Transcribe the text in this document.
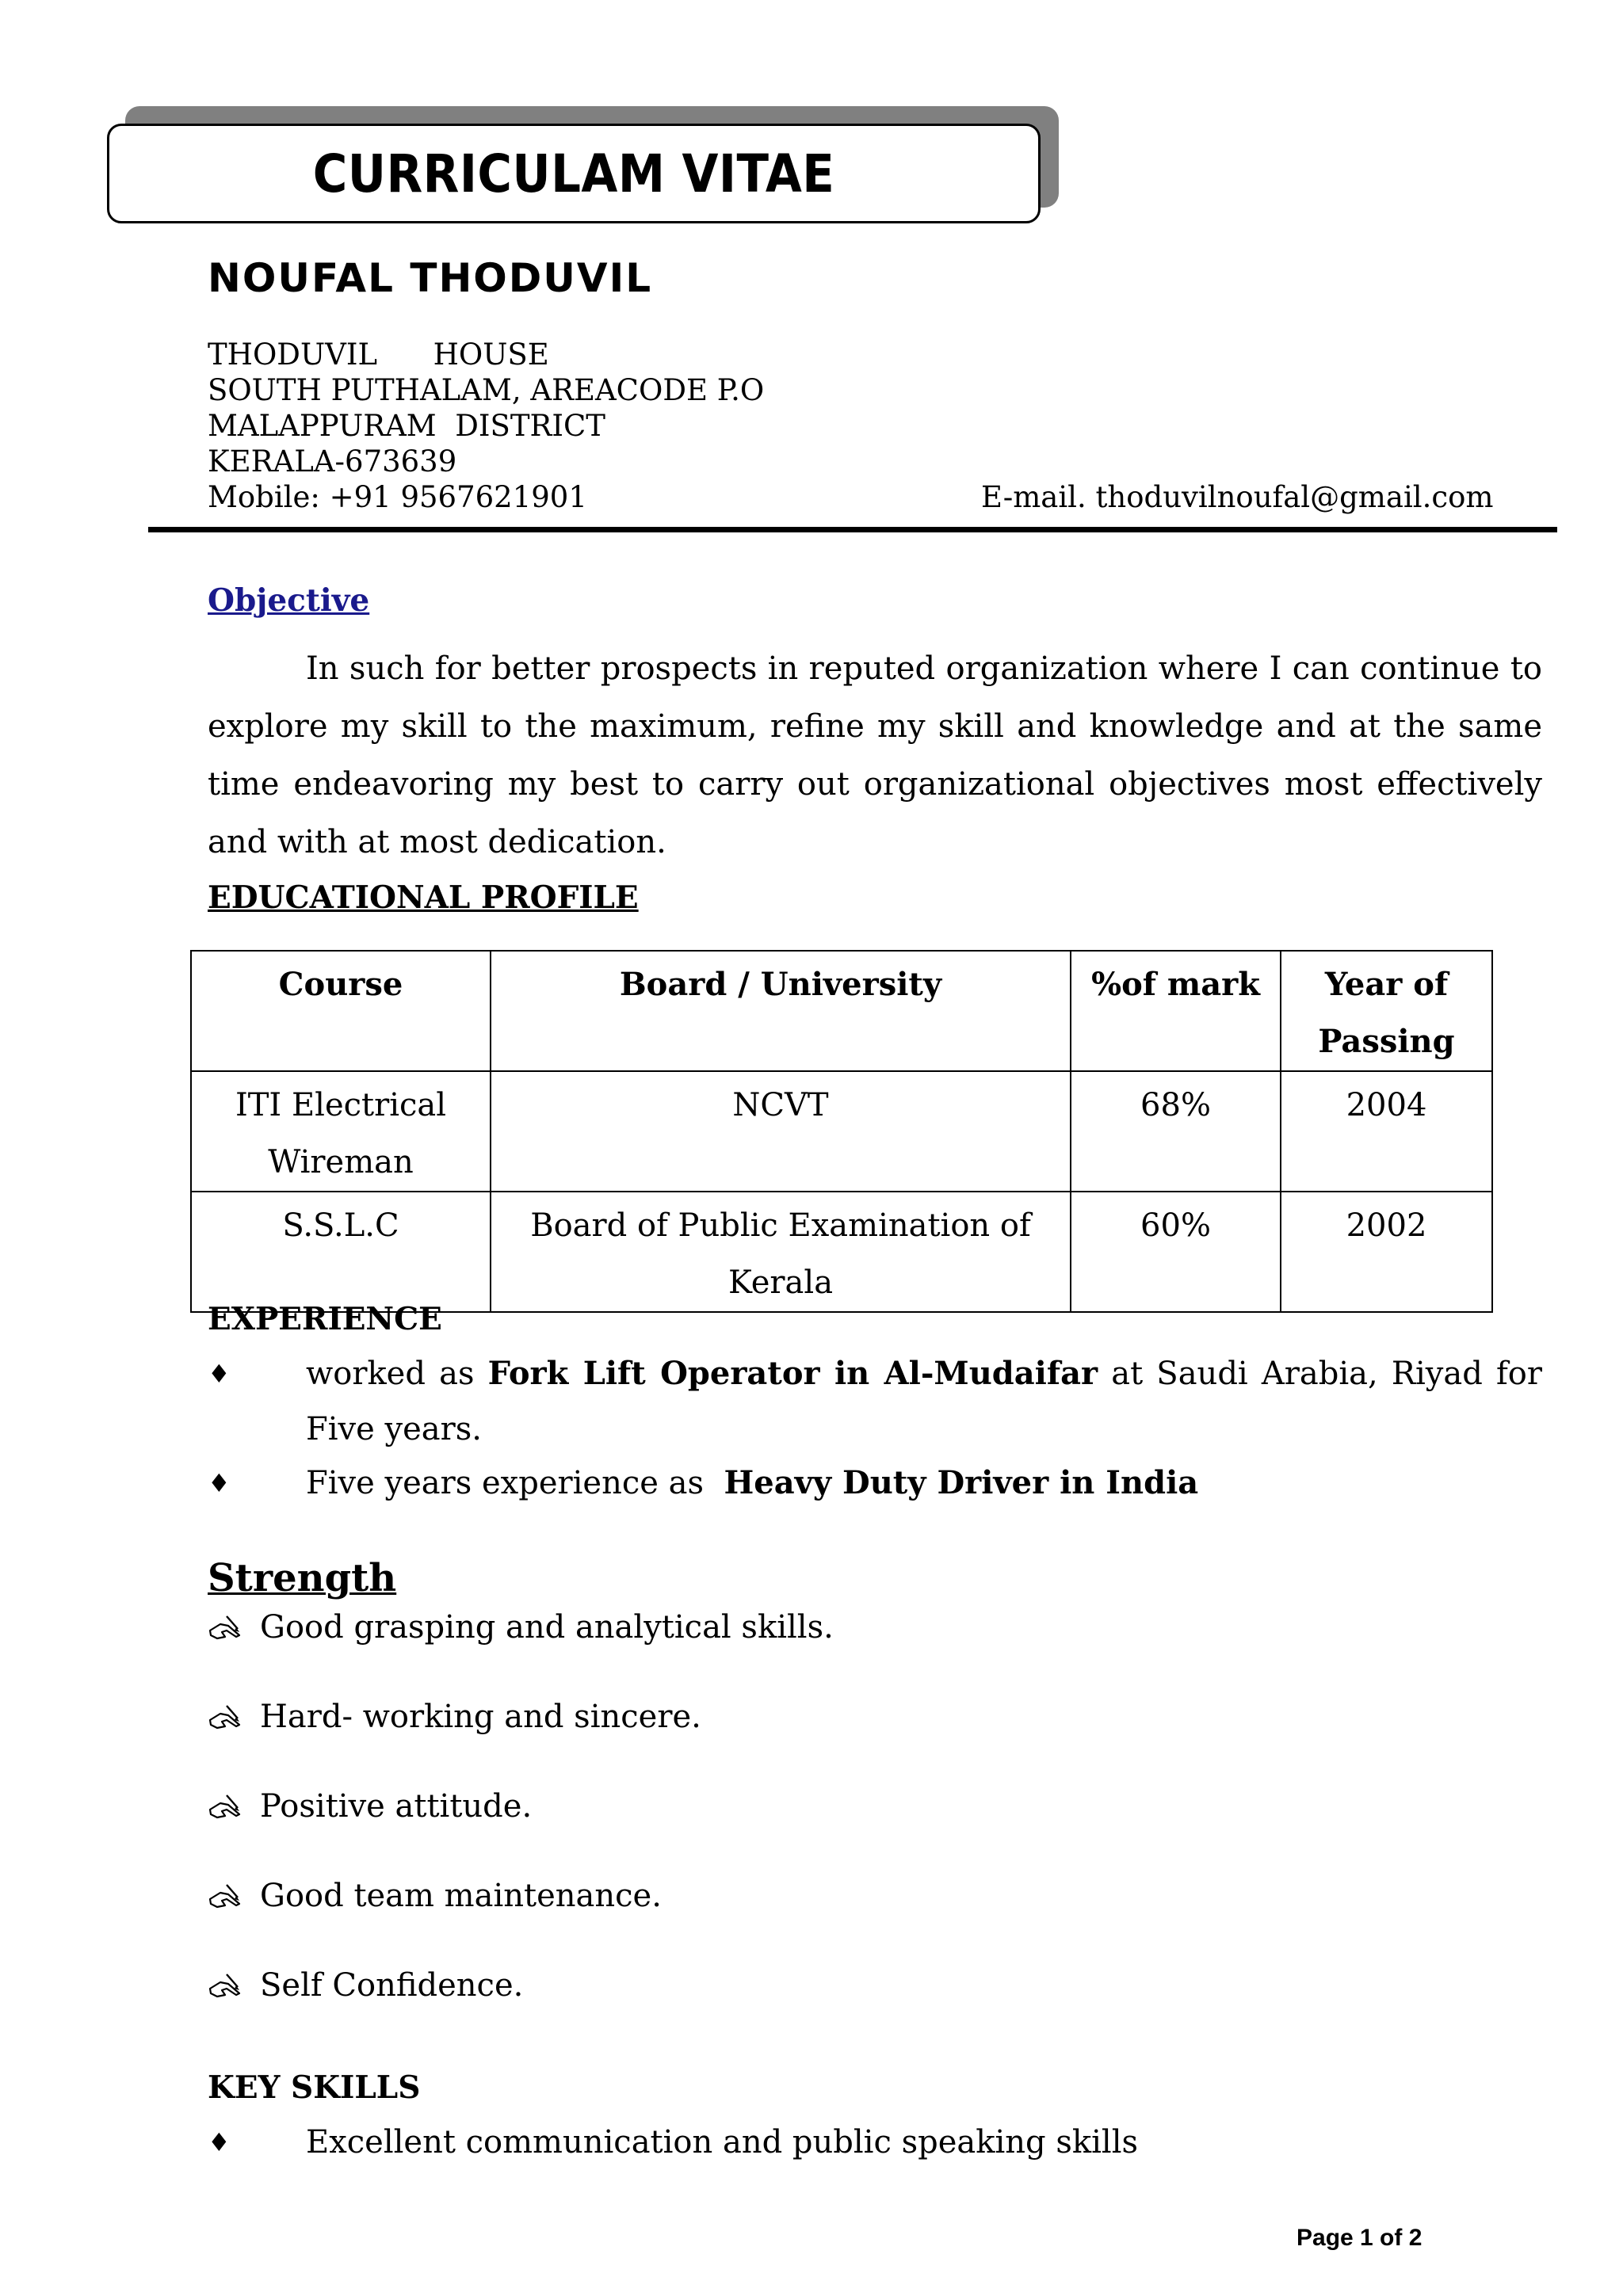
CURRICULAM VITAE
NOUFAL THODUVIL
THODUVIL      HOUSE
SOUTH PUTHALAM, AREACODE P.O
MALAPPURAM  DISTRICT
KERALA-673639
Mobile: +91 9567621901	E-mail. thoduvilnoufal@gmail.com
Objective
In such for better prospects in reputed organization where I can continue to explore my skill to the maximum, refine my skill and knowledge and at the same time endeavoring my best to carry out organizational objectives most effectively and with at most dedication.
EDUCATIONAL PROFILE
Course	Board / University	%of mark	Year of Passing
ITI Electrical Wireman	NCVT	68%	2004
S.S.L.C	Board of Public Examination of Kerala	60%	2002
EXPERIENCE
♦ worked as Fork Lift Operator in Al-Mudaifar at Saudi Arabia, Riyad for Five years.
♦ Five years experience as  Heavy Duty Driver in India
Strength
Good grasping and analytical skills.
Hard- working and sincere.
Positive attitude.
Good team maintenance.
Self Confidence.
KEY SKILLS
♦ Excellent communication and public speaking skills
Page 1 of 2
